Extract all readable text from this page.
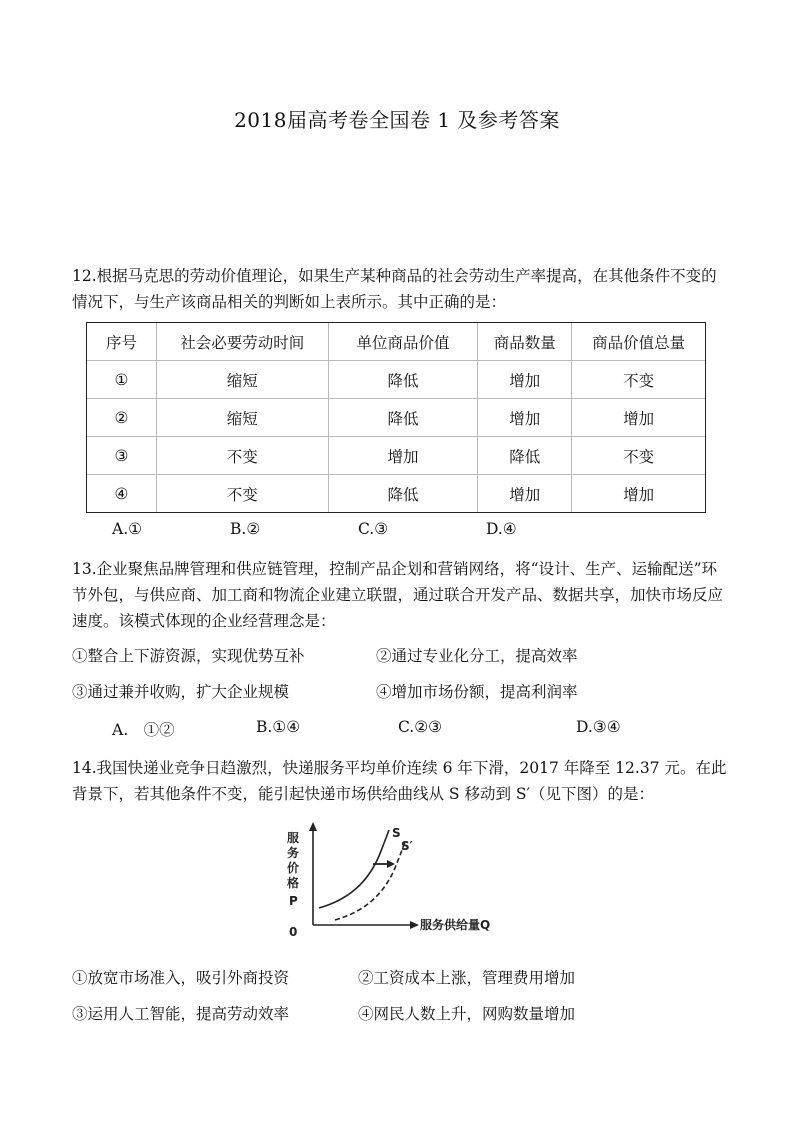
2018届高考卷全国卷 1 及参考答案
12.根据马克思的劳动价值理论，如果生产某种商品的社会劳动生产率提高，在其他条件不变的情况下，与生产该商品相关的判断如上表所示。其中正确的是：
序号	社会必要劳动时间	单位商品价值	商品数量	商品价值总量
①	缩短	降低	增加	不变
②	缩短	降低	增加	增加
③	不变	增加	降低	不变
④	不变	降低	增加	增加
A.①	B.②	C.③	D.④
13.企业聚焦品牌管理和供应链管理，控制产品企划和营销网络，将“设计、生产、运输配送”环节外包，与供应商、加工商和物流企业建立联盟，通过联合开发产品、数据共享，加快市场反应速度。该模式体现的企业经营理念是：
①整合上下游资源，实现优势互补	②通过专业化分工，提高效率
③通过兼并收购，扩大企业规模	④增加市场份额，提高利润率
A.　①②	B.①④	C.②③	D.③④
14.我国快递业竞争日趋激烈，快递服务平均单价连续 6 年下滑，2017 年降至 12.37 元。在此背景下，若其他条件不变，能引起快递市场供给曲线从 S 移动到 S′（见下图）的是：
服
务
价
格
P
0	服务供给量Q
S
S′
①放宽市场准入，吸引外商投资	②工资成本上涨，管理费用增加
③运用人工智能，提高劳动效率	④网民人数上升，网购数量增加
